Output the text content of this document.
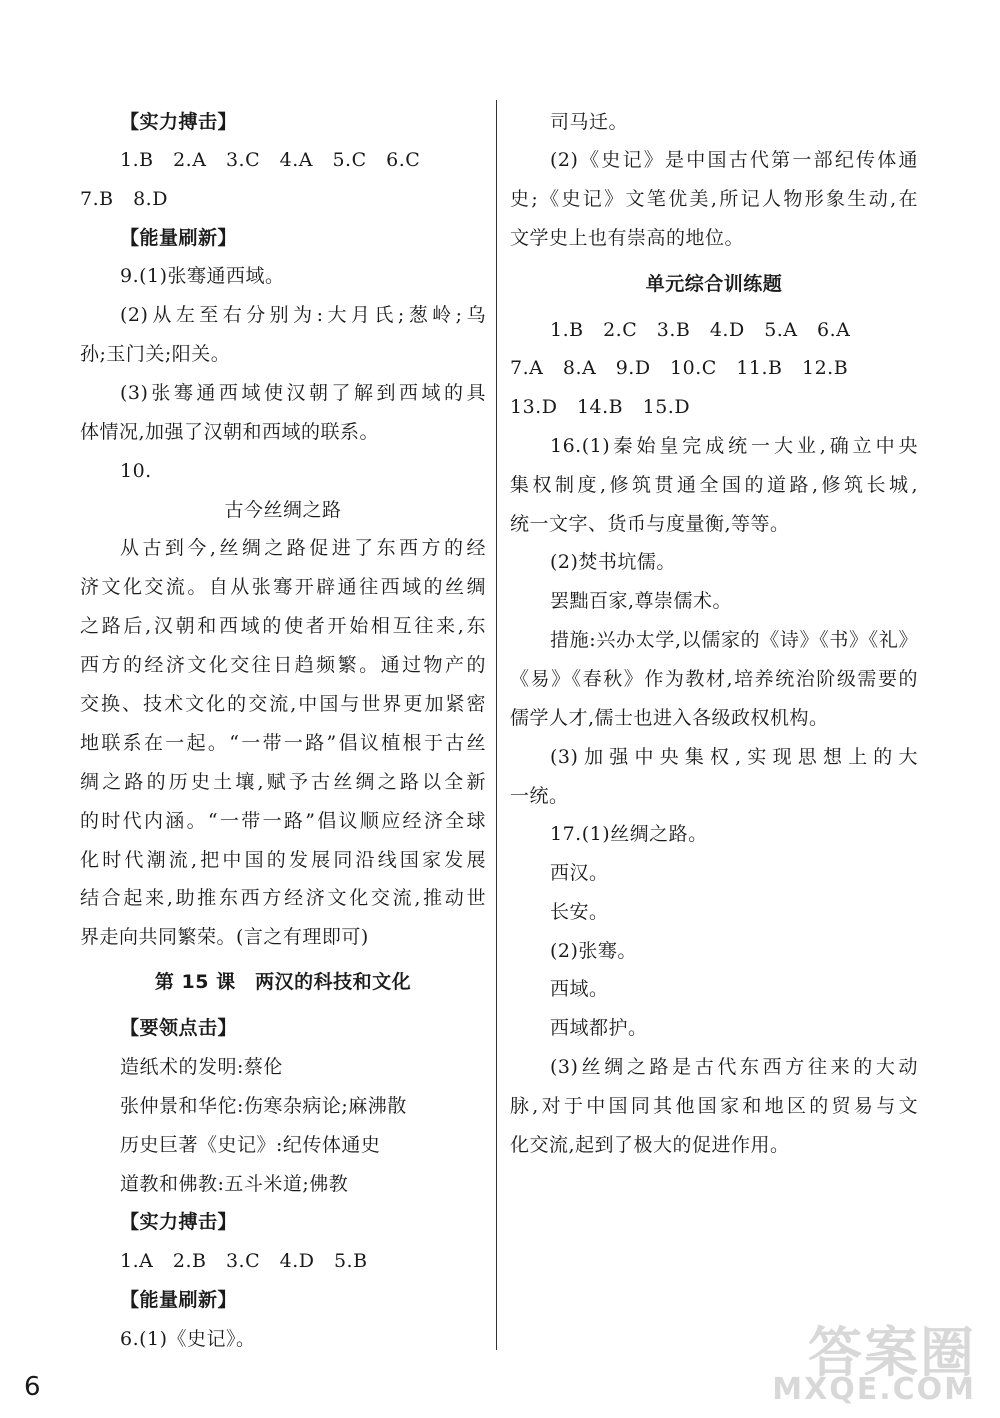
【实力搏击】
1.B　2.A　3.C　4.A　5.C　6.C
7.B　8.D
【能量刷新】
9.(1)张骞通西域。
(2)从左至右分别为:大月氏;葱岭;乌
孙;玉门关;阳关。
(3)张骞通西域使汉朝了解到西域的具
体情况,加强了汉朝和西域的联系。
10.
古今丝绸之路
从古到今,丝绸之路促进了东西方的经
济文化交流。自从张骞开辟通往西域的丝绸
之路后,汉朝和西域的使者开始相互往来,东
西方的经济文化交往日趋频繁。通过物产的
交换、技术文化的交流,中国与世界更加紧密
地联系在一起。“一带一路”倡议植根于古丝
绸之路的历史土壤,赋予古丝绸之路以全新
的时代内涵。“一带一路”倡议顺应经济全球
化时代潮流,把中国的发展同沿线国家发展
结合起来,助推东西方经济文化交流,推动世
界走向共同繁荣。(言之有理即可)
第 15 课　两汉的科技和文化
【要领点击】
造纸术的发明:蔡伦
张仲景和华佗:伤寒杂病论;麻沸散
历史巨著《史记》:纪传体通史
道教和佛教:五斗米道;佛教
【实力搏击】
1.A　2.B　3.C　4.D　5.B
【能量刷新】
6.(1)《史记》。
司马迁。
(2)《史记》是中国古代第一部纪传体通
史;《史记》文笔优美,所记人物形象生动,在
文学史上也有崇高的地位。
单元综合训练题
1.B　2.C　3.B　4.D　5.A　6.A
7.A　8.A　9.D　10.C　11.B　12.B
13.D　14.B　15.D
16.(1)秦始皇完成统一大业,确立中央
集权制度,修筑贯通全国的道路,修筑长城,
统一文字、货币与度量衡,等等。
(2)焚书坑儒。
罢黜百家,尊崇儒术。
措施:兴办太学,以儒家的《诗》《书》《礼》
《易》《春秋》作为教材,培养统治阶级需要的
儒学人才,儒士也进入各级政权机构。
(3)加强中央集权,实现思想上的大
一统。
17.(1)丝绸之路。
西汉。
长安。
(2)张骞。
西域。
西域都护。
(3)丝绸之路是古代东西方往来的大动
脉,对于中国同其他国家和地区的贸易与文
化交流,起到了极大的促进作用。
6
答案圈
MXQE.COM
